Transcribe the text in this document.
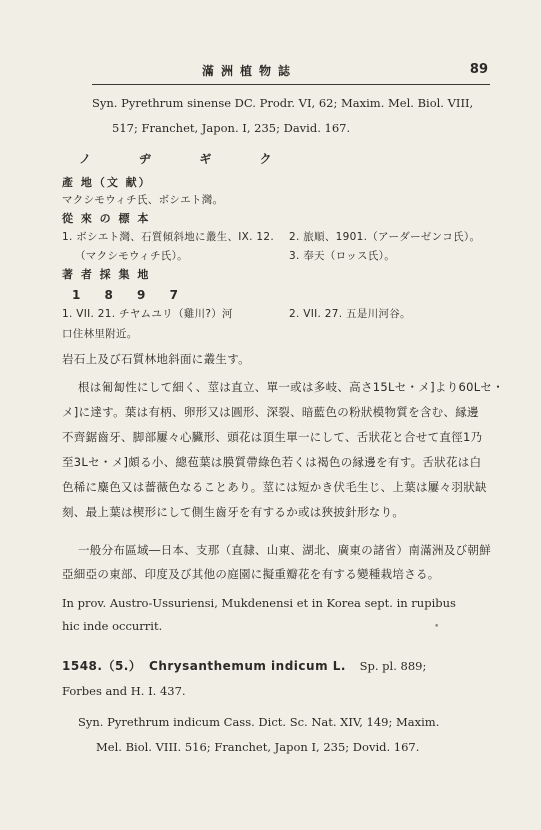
滿洲植物誌	89
Syn. Pyrethrum sinense DC. Prodr. VI, 62; Maxim. Mel. Biol. VIII,
517; Franchet, Japon. I, 235; David. 167.
ノ ヂ ギ ク
產 地（文 献）
マクシモウィチ氏、ボシエト灣。
從 來 の 標 本
1. ボシエト灣、石質傾斜地に叢生、IX. 12.
（マクシモウィチ氏）。
2. 旅順、1901.（アーダーゼンコ氏）。
3. 奉天（ロッス氏）。
著 者 採 集 地
1 8 9 7
1. VII. 21. チヤムユリ（雞川?）河
口住林里附近。
2. VII. 27. 五是川河谷。
岩石上及び石質林地斜面に叢生す。
根は匍匐性にして細く、莖は直立、單一或は多岐、高さ15Lセ・メ]より60Lセ・
メ]に達す。葉は有柄、卵形又は圓形、深裂、暗藍色の粉狀模物質を含む、縁邊
不齊鋸齒牙、脚部屢々心臟形、頭花は頂生單一にして、舌狀花と合せて直徑1乃
至3Lセ・メ]頗る小、總苞葉は膜質帶綠色若くは褐色の縁邊を有す。舌狀花は白
色稀に麋色又は薔薇色なることあり。莖には短かき伏毛生じ、上葉は屢々羽狀缺
刻、最上葉は楔形にして側生齒牙を有するか或は狹披針形なり。
一般分布區域―日本、支那（直隸、山東、湖北、廣東の諸省）南滿洲及び朝鮮
亞細亞の東部、印度及び其他の庭園に擬重瓣花を有する變種栽培さる。
In prov. Austro-Ussuriensi, Mukdenensi et in Korea sept. in rupibus
hic inde occurrit.	•
1548.（5.） Chrysanthemum indicum L. Sp. pl. 889;
Forbes and H. I. 437.
Syn. Pyrethrum indicum Cass. Dict. Sc. Nat. XIV, 149; Maxim.
Mel. Biol. VIII. 516; Franchet, Japon I, 235; Dovid. 167.
